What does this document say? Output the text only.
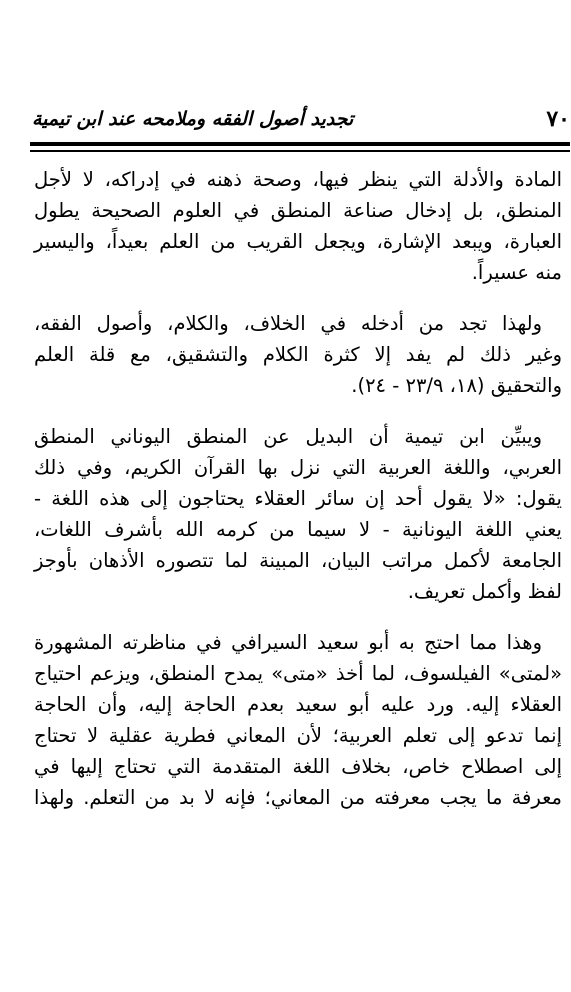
٧٠
تجديد أصول الفقه وملامحه عند ابن تيمية
المادة والأدلة التي ينظر فيها، وصحة ذهنه في إدراكه، لا لأجل
المنطق، بل إدخال صناعة المنطق في العلوم الصحيحة يطول
العبارة، ويبعد الإشارة، ويجعل القريب من العلم بعيداً، واليسير
منه عسيراً.
ولهذا تجد من أدخله في الخلاف، والكلام، وأصول الفقه،
وغير ذلك لم يفد إلا كثرة الكلام والتشقيق، مع قلة العلم
والتحقيق (١٨، ٢٣/٩ - ٢٤).
ويبيِّن ابن تيمية أن البديل عن المنطق اليوناني المنطق
العربي، واللغة العربية التي نزل بها القرآن الكريم، وفي ذلك
يقول: «لا يقول أحد إن سائر العقلاء يحتاجون إلى هذه اللغة -
يعني اللغة اليونانية - لا سيما من كرمه الله بأشرف اللغات،
الجامعة لأكمل مراتب البيان، المبينة لما تتصوره الأذهان بأوجز
لفظ وأكمل تعريف.
وهذا مما احتج به أبو سعيد السيرافي في مناظرته المشهورة
«لمتى» الفيلسوف، لما أخذ «متى» يمدح المنطق، ويزعم احتياج
العقلاء إليه. ورد عليه أبو سعيد بعدم الحاجة إليه، وأن الحاجة
إنما تدعو إلى تعلم العربية؛ لأن المعاني فطرية عقلية لا تحتاج
إلى اصطلاح خاص، بخلاف اللغة المتقدمة التي تحتاج إليها في
معرفة ما يجب معرفته من المعاني؛ فإنه لا بد من التعلم. ولهذا
